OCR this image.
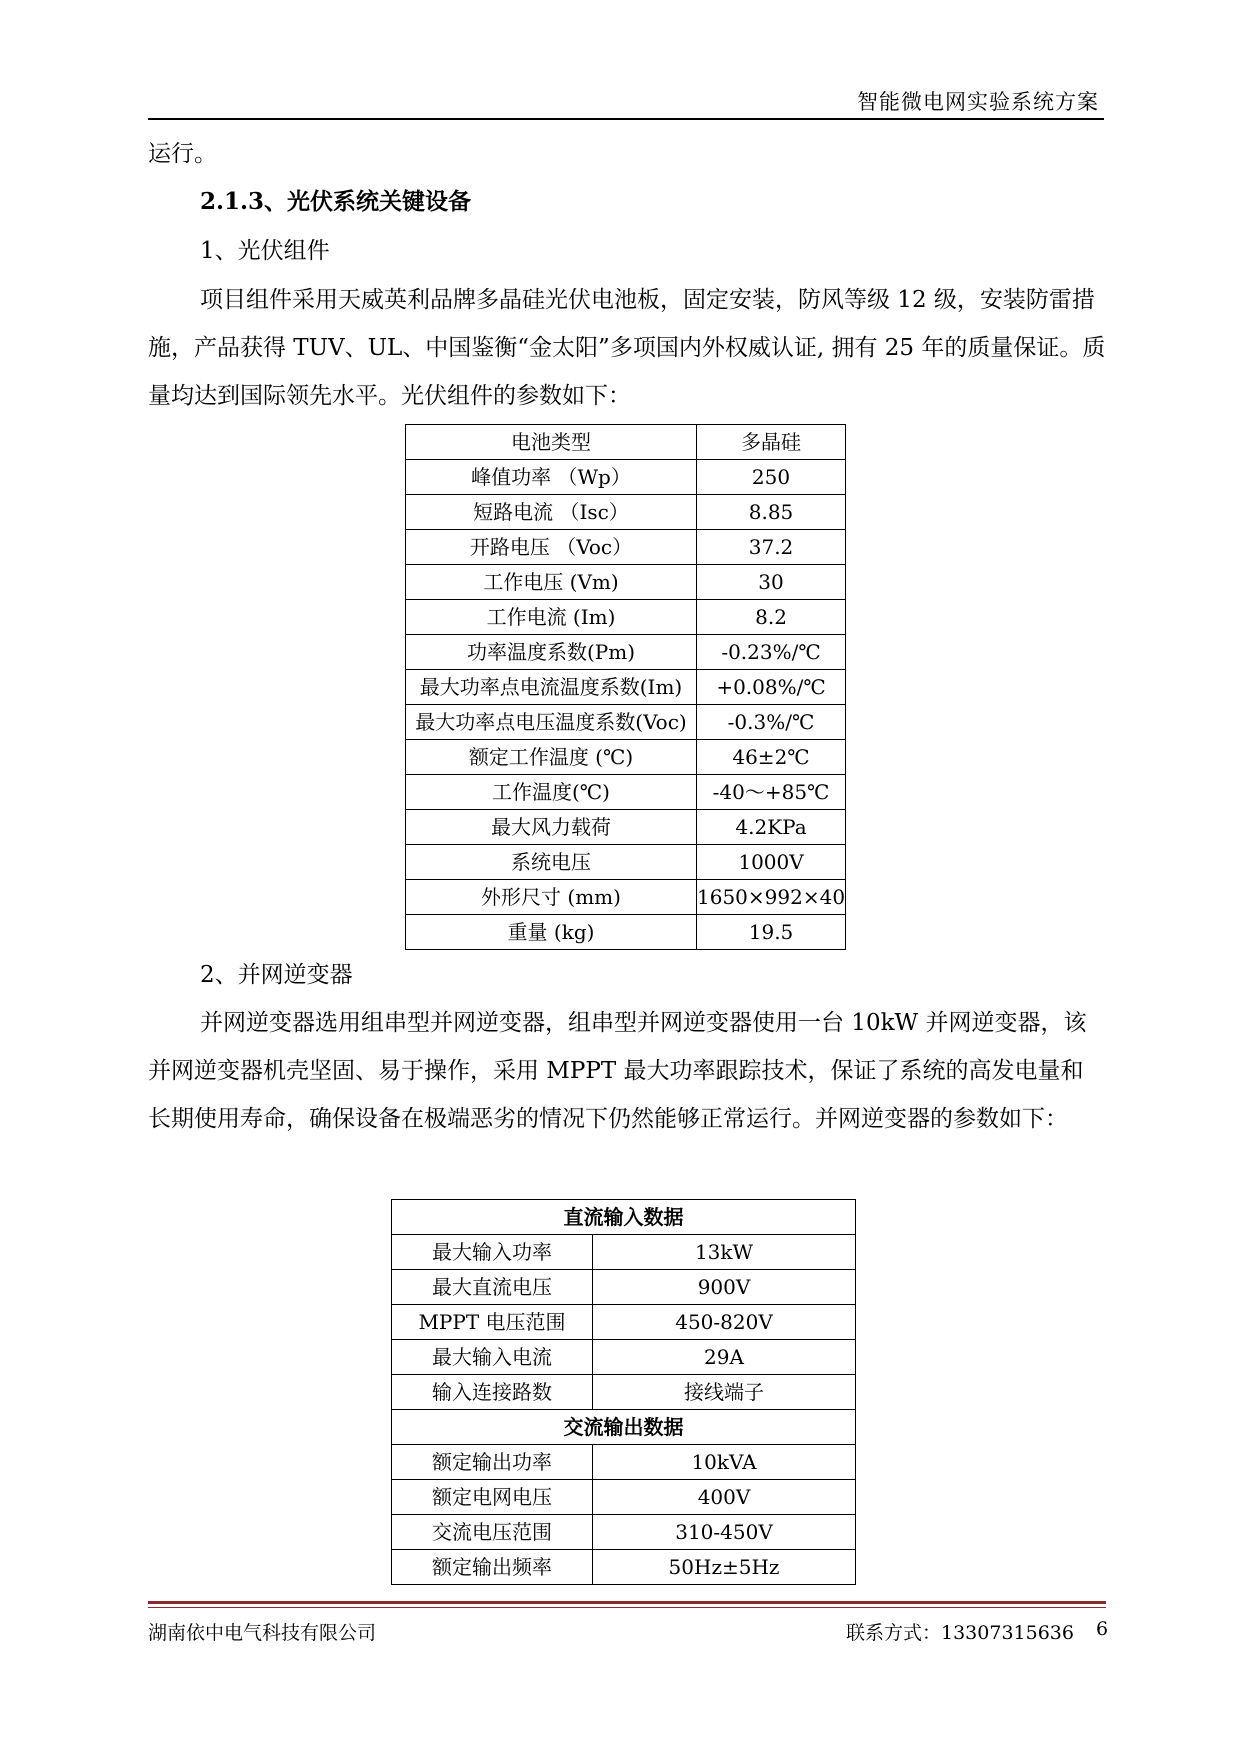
智能微电网实验系统方案

运行。

2.1.3、光伏系统关键设备

1、光伏组件

项目组件采用天威英利品牌多晶硅光伏电池板，固定安装，防风等级 12 级，安装防雷措施，产品获得 TUV、UL、中国鉴衡“金太阳”多项国内外权威认证, 拥有 25 年的质量保证。质量均达到国际领先水平。光伏组件的参数如下：

电池类型	多晶硅
峰值功率 （Wp）	250
短路电流 （Isc）	8.85
开路电压 （Voc）	37.2
工作电压 (Vm)	30
工作电流 (Im)	8.2
功率温度系数(Pm)	-0.23%/℃
最大功率点电流温度系数(Im)	+0.08%/℃
最大功率点电压温度系数(Voc)	-0.3%/℃
额定工作温度 (℃)	46±2℃
工作温度(℃)	-40～+85℃
最大风力载荷	4.2KPa
系统电压	1000V
外形尺寸 (mm)	1650×992×40
重量 (kg)	19.5

2、并网逆变器

并网逆变器选用组串型并网逆变器，组串型并网逆变器使用一台 10kW 并网逆变器，该并网逆变器机壳坚固、易于操作，采用 MPPT 最大功率跟踪技术，保证了系统的高发电量和长期使用寿命，确保设备在极端恶劣的情况下仍然能够正常运行。并网逆变器的参数如下：

直流输入数据	
最大输入功率	13kW
最大直流电压	900V
MPPT 电压范围	450-820V
最大输入电流	29A
输入连接路数	接线端子
交流输出数据	
额定输出功率	10kVA
额定电网电压	400V
交流电压范围	310-450V
额定输出频率	50Hz±5Hz
湖南依中电气科技有限公司	联系方式：13307315636 6
